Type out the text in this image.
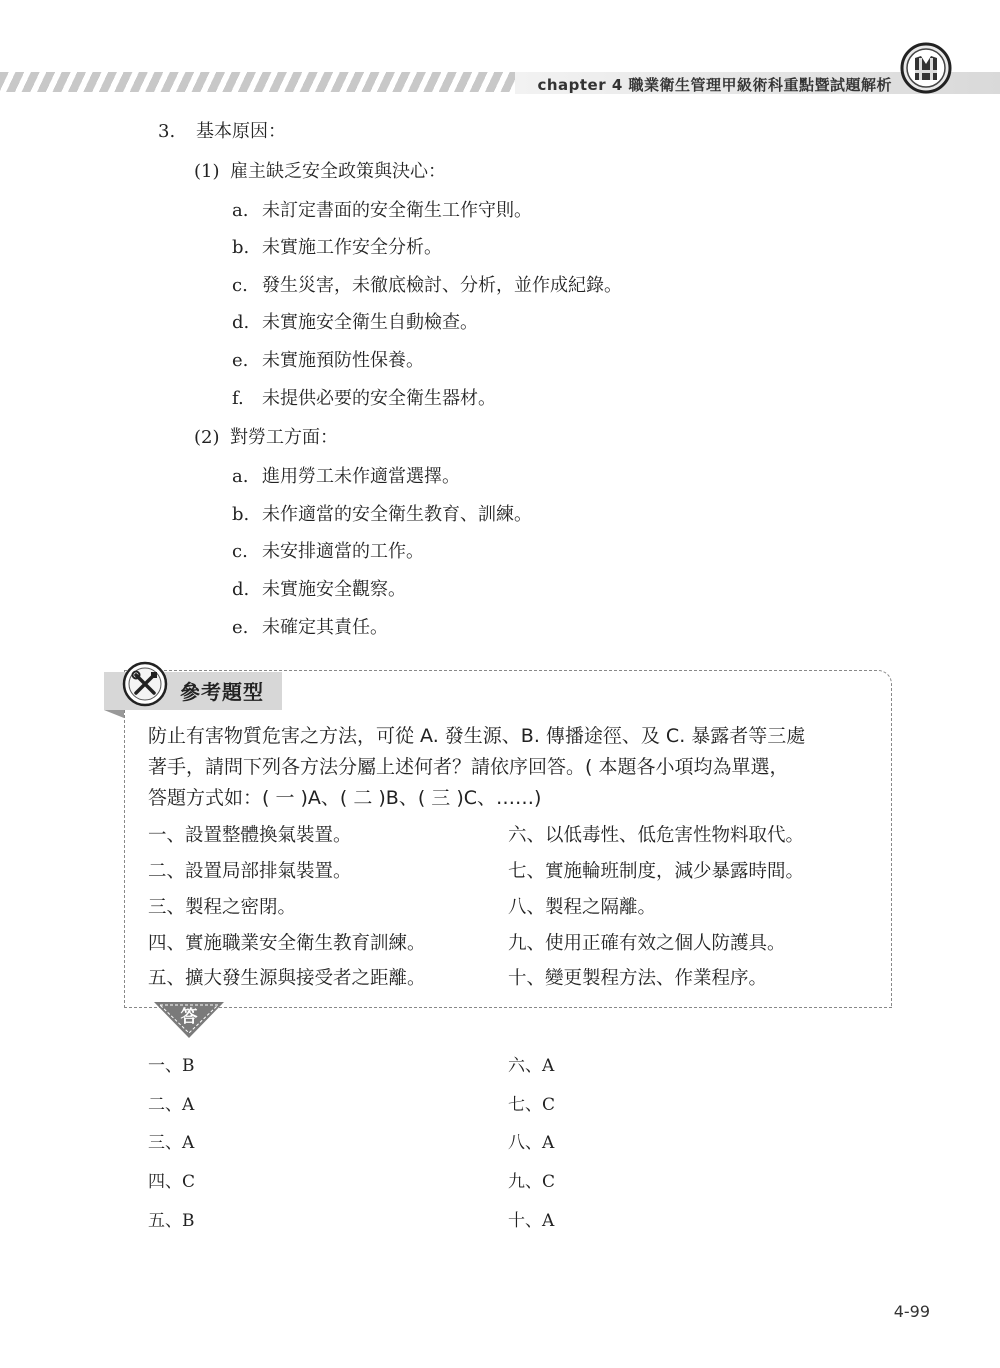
chapter 4 職業衛生管理甲級術科重點暨試題解析
3. 基本原因：
(1) 雇主缺乏安全政策與決心：
a. 未訂定書面的安全衛生工作守則。
b. 未實施工作安全分析。
c. 發生災害，未徹底檢討、分析，並作成紀錄。
d. 未實施安全衛生自動檢查。
e. 未實施預防性保養。
f. 未提供必要的安全衛生器材。
(2) 對勞工方面：
a. 進用勞工未作適當選擇。
b. 未作適當的安全衛生教育、訓練。
c. 未安排適當的工作。
d. 未實施安全觀察。
e. 未確定其責任。
參考題型
防止有害物質危害之方法，可從 A. 發生源、B. 傳播途徑、及 C. 暴露者等三處
著手，請問下列各方法分屬上述何者？請依序回答。( 本題各小項均為單選，
答題方式如：( 一 )A、( 二 )B、( 三 )C、……)
一、設置整體換氣裝置。
二、設置局部排氣裝置。
三、製程之密閉。
四、實施職業安全衛生教育訓練。
五、擴大發生源與接受者之距離。
六、以低毒性、低危害性物料取代。
七、實施輪班制度，減少暴露時間。
八、製程之隔離。
九、使用正確有效之個人防護具。
十、變更製程方法、作業程序。
答
一、B
二、A
三、A
四、C
五、B
六、A
七、C
八、A
九、C
十、A
4-99
